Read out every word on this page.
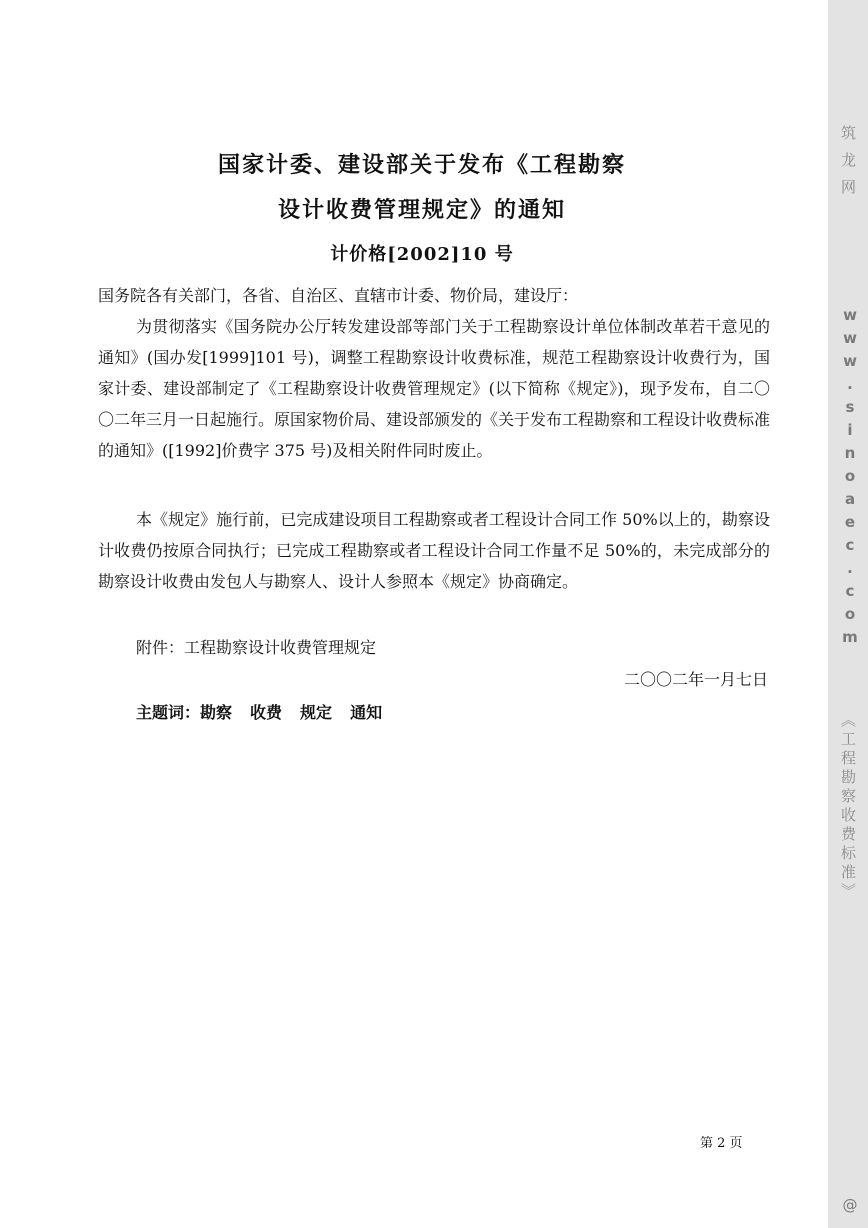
筑龙网
www.sinoaec.com
《工程勘察收费标准》
@
国家计委、建设部关于发布《工程勘察
设计收费管理规定》的通知
计价格[2002]10 号

国务院各有关部门，各省、自治区、直辖市计委、物价局，建设厅：

为贯彻落实《国务院办公厅转发建设部等部门关于工程勘察设计单位体制改革若干意见的通知》(国办发[1999]101 号)，调整工程勘察设计收费标准，规范工程勘察设计收费行为，国家计委、建设部制定了《工程勘察设计收费管理规定》(以下简称《规定》)，现予发布，自二〇〇二年三月一日起施行。原国家物价局、建设部颁发的《关于发布工程勘察和工程设计收费标准的通知》([1992]价费字 375 号)及相关附件同时废止。

本《规定》施行前，已完成建设项目工程勘察或者工程设计合同工作 50%以上的，勘察设计收费仍按原合同执行；已完成工程勘察或者工程设计合同工作量不足 50%的，未完成部分的勘察设计收费由发包人与勘察人、设计人参照本《规定》协商确定。

附件：工程勘察设计收费管理规定

二〇〇二年一月七日
主题词：勘察 收费 规定 通知
第 2 页
